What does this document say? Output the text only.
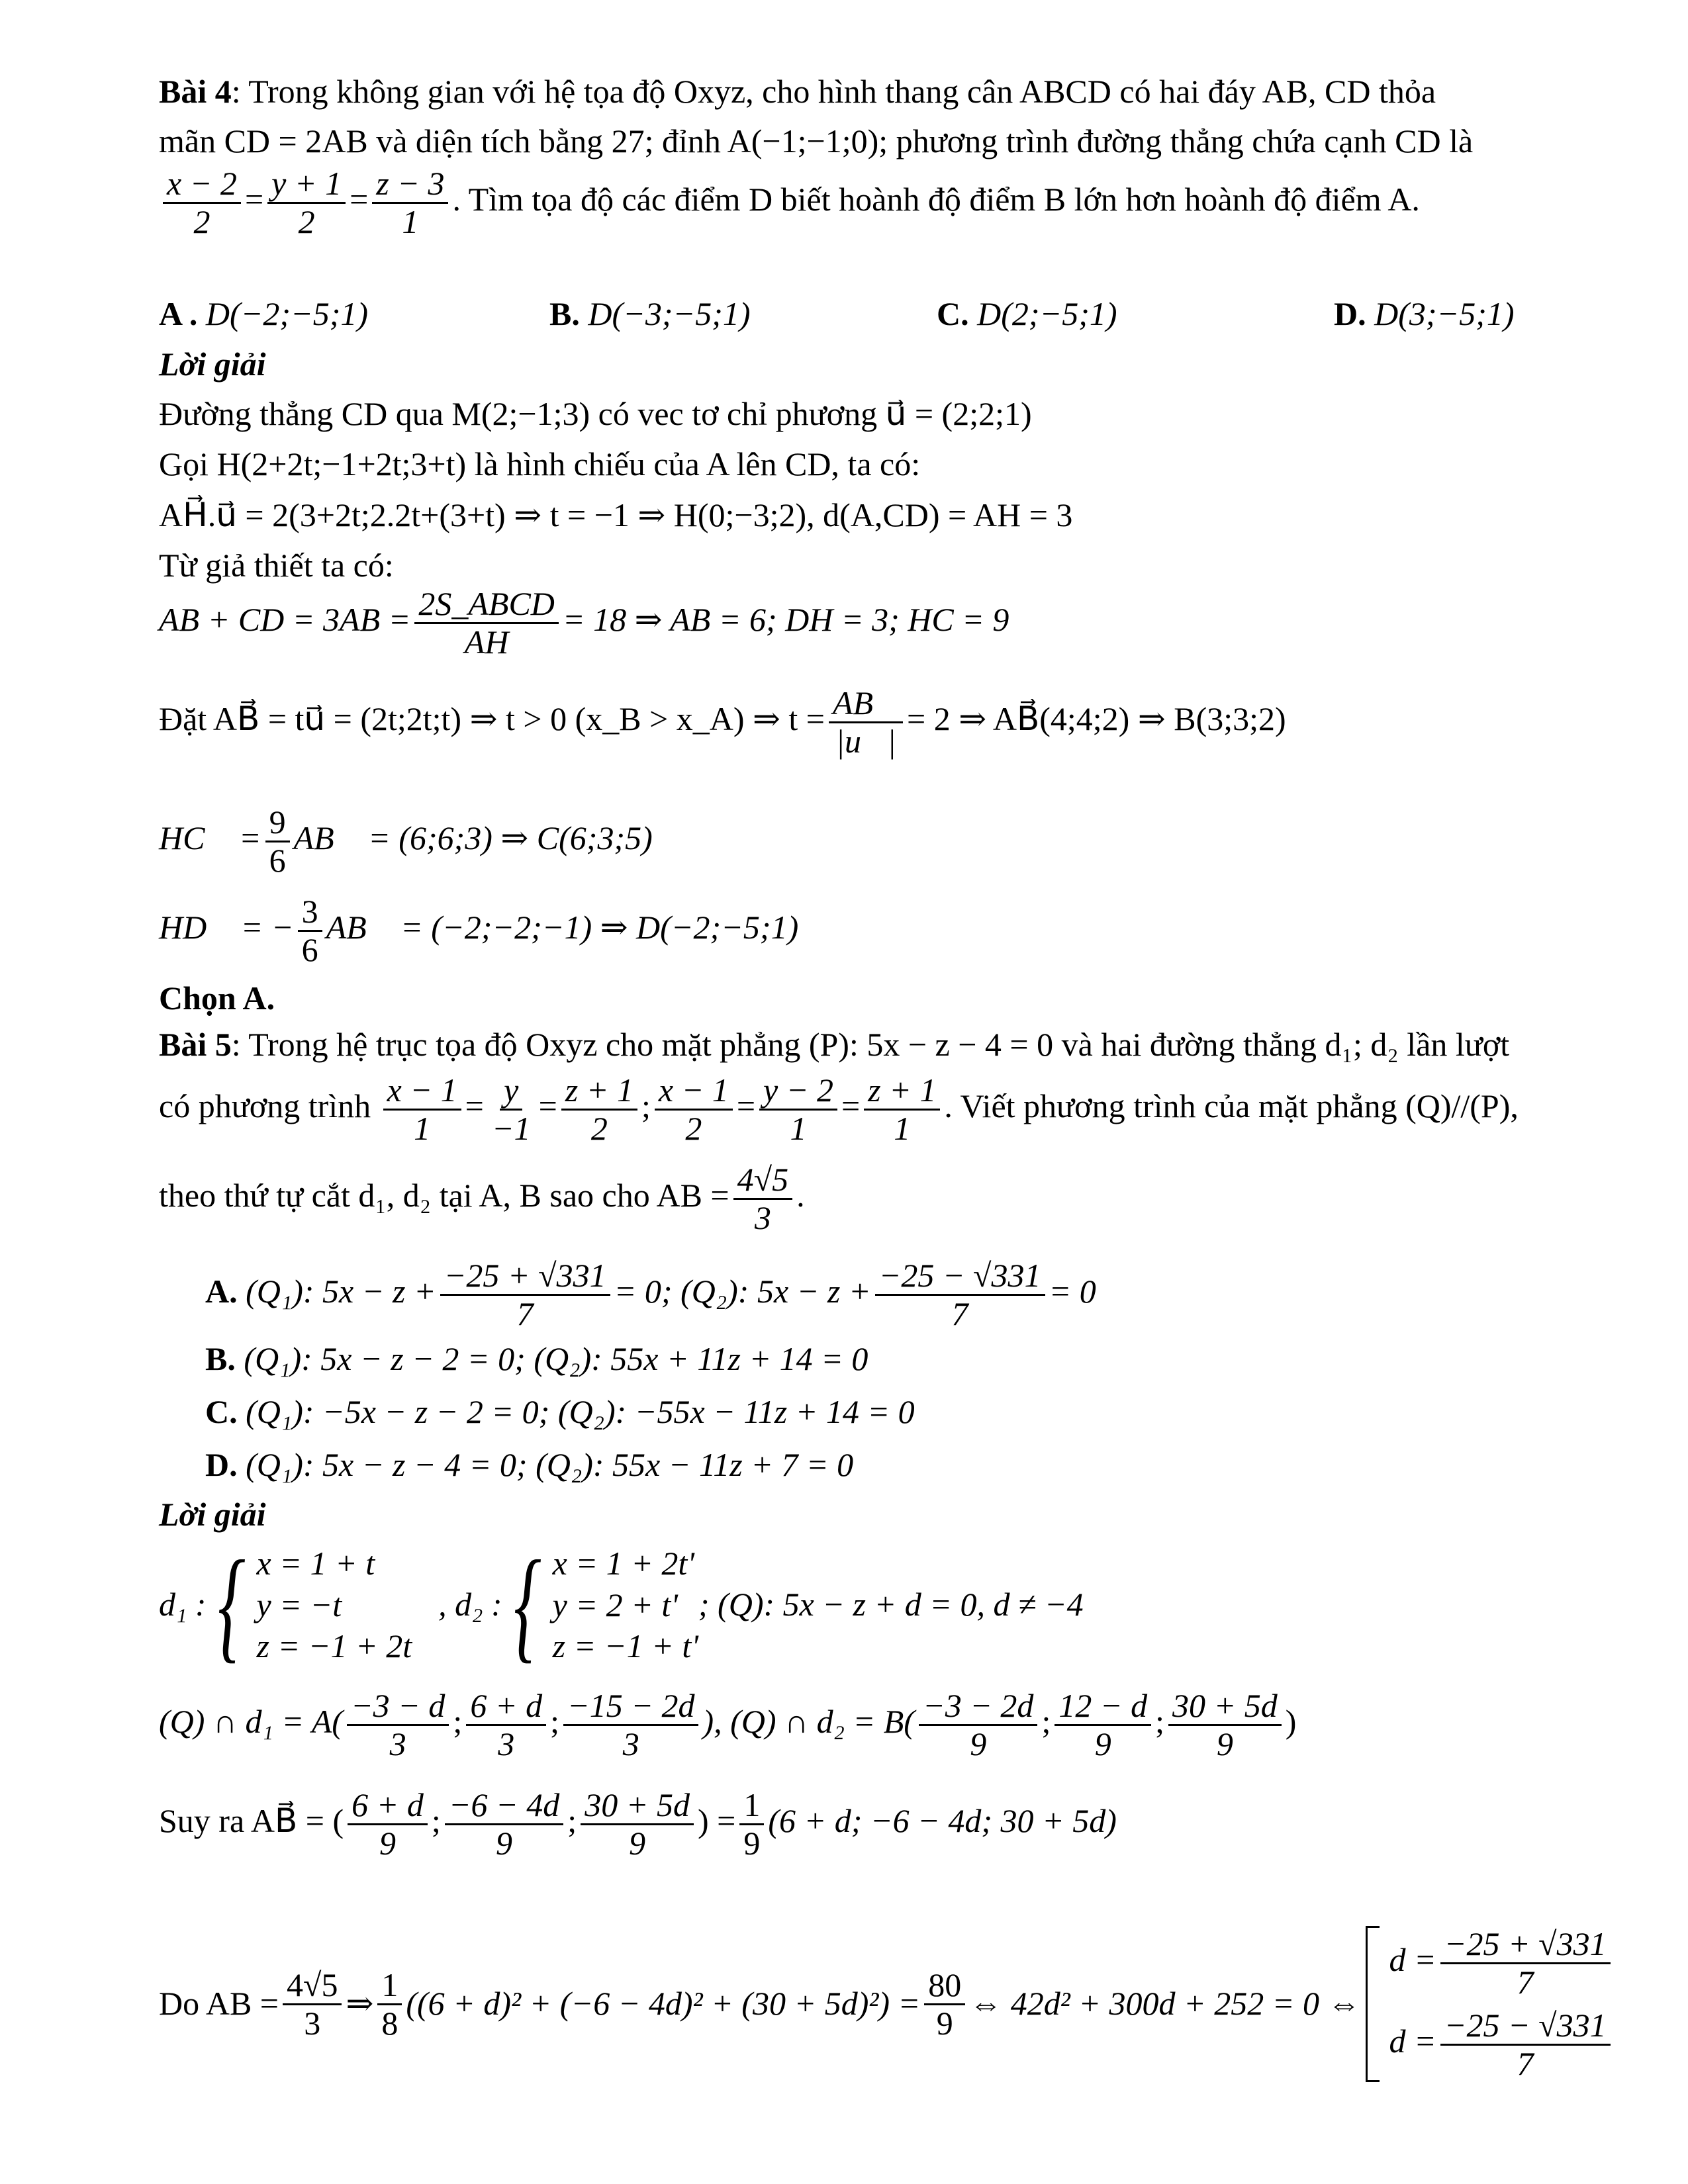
Bài 4: Trong không gian với hệ tọa độ Oxyz, cho hình thang cân ABCD có hai đáy AB, CD thỏa
mãn CD = 2AB và diện tích bằng 27; đỉnh A(−1;−1;0); phương trình đường thẳng chứa cạnh CD là
$\frac{x - 2}{2} = \frac{y + 1}{2} = \frac{z - 3}{1}$ . Tìm tọa độ các điểm D biết hoành độ điểm B lớn hơn hoành độ điểm A.
A . D(−2;−5;1)	B. D(−3;−5;1)	C. D(2;−5;1)	D. D(3;−5;1)
Lời giải
Đường thẳng CD qua M(2;−1;3) có vec tơ chỉ phương u⃗ = (2;2;1)
Gọi H(2+2t;−1+2t;3+t) là hình chiếu của A lên CD, ta có:
AH⃗.u⃗ = 2(3+2t;2.2t+(3+t) ⇒ t = −1 ⇒ H(0;−3;2), d(A,CD) = AH = 3
Từ giả thiết ta có:
AB + CD = $3AB = \frac{\text{2S\_ABCD}}{AH} = 18$ ⇒ AB = 6; DH = 3; HC = 9
Đặt AB⃗ = tu⃗ = (2t;2t;t) ⇒ t > 0 (x_B > x_A) ⇒ $t = \frac{AB⃗}{|u⃗|} = 2$ ⇒ AB⃗(4;4;2) ⇒ B(3;3;2)
HC⃗ = $\frac{9}{6}$ AB⃗ = (6;6;3) ⇒ C(6;3;5)
HD⃗ = − $\frac{3}{6}$ AB⃗ = (−2;−2;−1) ⇒ D(−2;−5;1)
Chọn A.
Bài 5: Trong hệ trục tọa độ Oxyz cho mặt phẳng (P): 5x − z − 4 = 0 và hai đường thẳng d₁; d₂ lần lượt
có phương trình $\frac{x - 1}{1} = \frac{y}{-1} = \frac{z + 1}{2}$ ; $\frac{x - 1}{2} = \frac{y - 2}{1} = \frac{z + 1}{1}$ . Viết phương trình của mặt phẳng (Q)//(P),
theo thứ tự cắt d₁, d₂ tại A, B sao cho AB = $\frac{4√5}{3}$ .
A. (Q₁): $5x - z + \frac{-25 + √331}{7} = 0$; (Q₂): $5x - z + \frac{-25 - √331}{7} = 0$
B. (Q₁): 5x − z − 2 = 0; (Q₂): 55x + 11z + 14 = 0
C. (Q₁): −5x − z − 2 = 0; (Q₂): −55x − 11z + 14 = 0
D. (Q₁): 5x − z − 4 = 0; (Q₂): 55x − 11z + 7 = 0
Lời giải
d₁ : { x = 1 + t
y = −t
z = −1 + 2t
, d₂ : { x = 1 + 2t'
y = 2 + t'
z = −1 + t'
; (Q): 5x − z + d = 0, d ≠ −4
(Q) ∩ $d_1 = A( \frac{-3 - d}{3}$ ; $\frac{6 + d}{3}$ ; $\frac{-15 - 2d}{3}$ ), (Q) ∩ $d_2 = B( \frac{-3 - 2d}{9}$ ; $\frac{12 - d}{9}$ ; $\frac{30 + 5d}{9}$ )
Suy ra AB⃗ = ( $\frac{6 + d}{9}$ ; $\frac{-6 - 4d}{9}$ ; $\frac{30 + 5d}{9}$ ) = $\frac{1}{9} (6 + d$; −6 − 4d; 30 + 5d)
Do AB = $\frac{4√5}{3}$ ⇒ $\frac{1}{8} ((6 + d)^2 + (-6 - 4d)^2 + (30 + 5d)^2) = \frac{80}{9}$ ⇔ 42d² + 300d + 252 = 0 ⇔
$d = \frac{-25 + √331}{7}$
$d = \frac{-25 - √331}{7}$
